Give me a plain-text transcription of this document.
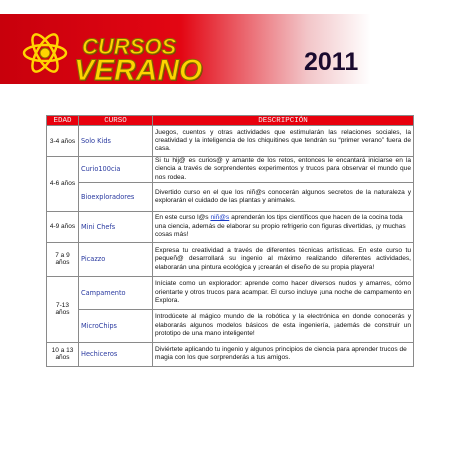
CURSOS
VERANO	2011
EDAD	CURSO	DESCRIPCIÓN
3-4 años	Solo Kids	Juegos, cuentos y otras actividades que estimularán las relaciones sociales, la creatividad y la inteligencia de los chiquitines que tendrán su “primer verano” fuera de casa.
4-6 años	Curio100cia	Si tu hij@ es curios@ y amante de los retos, entonces le encantará iniciarse en la ciencia a través de sorprendentes experimentos y trucos para observar el mundo que nos rodea.
	Bioexploradores	Divertido curso en el que los niñ@s conocerán algunos secretos de la naturaleza y explorarán el cuidado de las plantas y animales.
4-9 años	Mini Chefs	En este curso l@s niñ@s aprenderán los tips científicos que hacen de la cocina toda una ciencia, además de elaborar su propio refrigerio con figuras divertidas, ¡y muchas cosas más!
7 a 9 años	Picazzo	Expresa tu creatividad a través de diferentes técnicas artísticas. En este curso tu pequeñ@ desarrollará su ingenio al máximo realizando diferentes actividades, elaborarán una pintura ecológica y ¡crearán el diseño de su propia playera!
7-13 años	Campamento	Iníciate como un explorador: aprende como hacer diversos nudos y amarres, cómo orientarte y otros trucos para acampar. El curso incluye ¡una noche de campamento en Explora.
	MicroChips	Introdúcete al mágico mundo de la robótica y la electrónica en donde conocerás y elaborarás algunos modelos básicos de esta ingeniería, ¡además de construir un prototipo de una mano inteligente!
10 a 13 años	Hechiceros	Diviértete aplicando tu ingenio y algunos principios de ciencia para aprender trucos de magia con los que sorprenderás a tus amigos.
